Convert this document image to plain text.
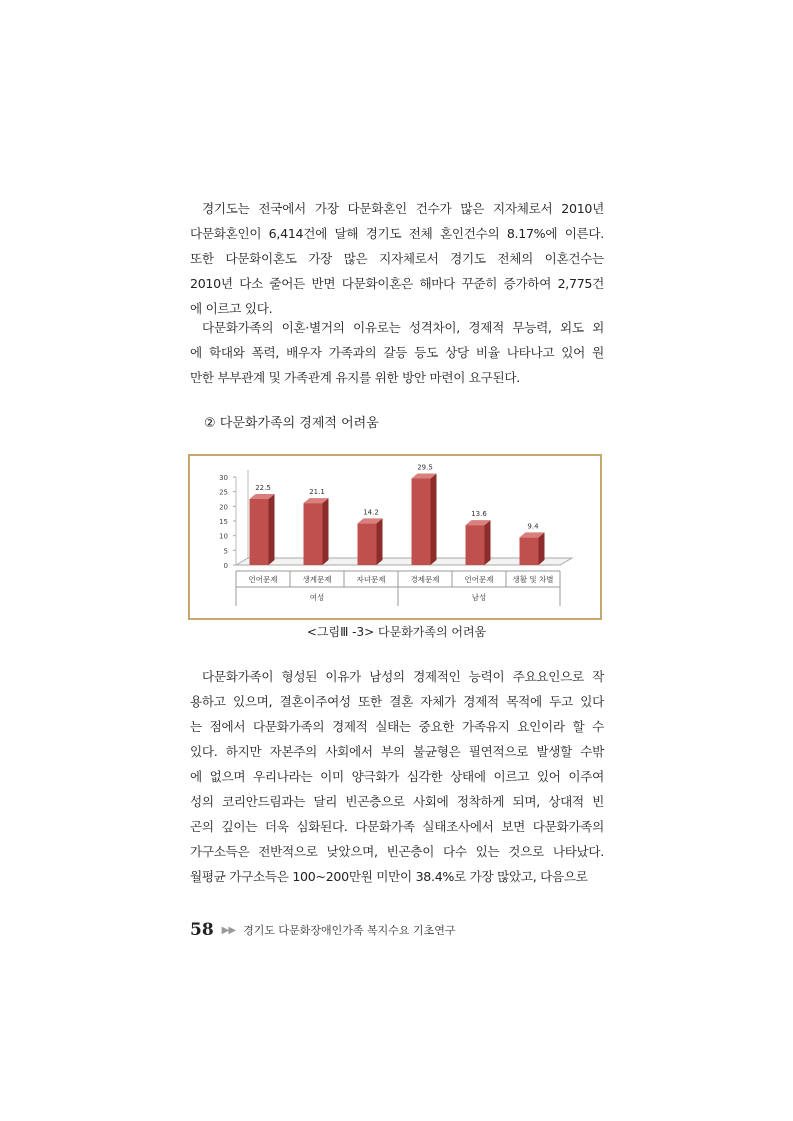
경기도는 전국에서 가장 다문화혼인 건수가 많은 지자체로서 2010년
다문화혼인이 6,414건에 달해 경기도 전체 혼인건수의 8.17%에 이른다.
또한 다문화이혼도 가장 많은 지자체로서 경기도 전체의 이혼건수는
2010년 다소 줄어든 반면 다문화이혼은 해마다 꾸준히 증가하여 2,775건
에 이르고 있다.
다문화가족의 이혼·별거의 이유로는 성격차이, 경제적 무능력, 외도 외
에 학대와 폭력, 배우자 가족과의 갈등 등도 상당 비율 나타나고 있어 원
만한 부부관계 및 가족관계 유지를 위한 방안 마련이 요구된다.
② 다문화가족의 경제적 어려움
0
5
10
15
20
25
30
22.5
21.1
14.2
29.5
13.6
9.4
언어문제	생계문제	자녀문제	경제문제	언어문제	생활 및 차별
여성	남성
<그림Ⅲ -3> 다문화가족의 어려움
다문화가족이 형성된 이유가 남성의 경제적인 능력이 주요요인으로 작
용하고 있으며, 결혼이주여성 또한 결혼 자체가 경제적 목적에 두고 있다
는 점에서 다문화가족의 경제적 실태는 중요한 가족유지 요인이라 할 수
있다. 하지만 자본주의 사회에서 부의 불균형은 필연적으로 발생할 수밖
에 없으며 우리나라는 이미 양극화가 심각한 상태에 이르고 있어 이주여
성의 코리안드림과는 달리 빈곤층으로 사회에 정착하게 되며, 상대적 빈
곤의 깊이는 더욱 심화된다. 다문화가족 실태조사에서 보면 다문화가족의
가구소득은 전반적으로 낮았으며, 빈곤층이 다수 있는 것으로 나타났다.
월평균 가구소득은 100~200만원 미만이 38.4%로 가장 많았고, 다음으로
58 ▶▶ 경기도 다문화장애인가족 복지수요 기초연구
